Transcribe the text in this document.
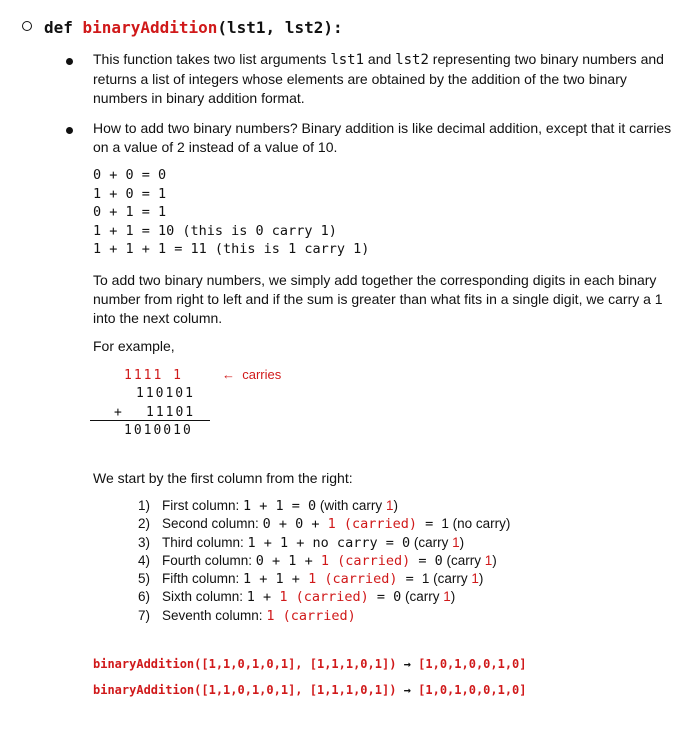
def binaryAddition(lst1, lst2):
This function takes two list arguments lst1 and lst2 representing two binary numbers and returns a list of integers whose elements are obtained by the addition of the two binary numbers in binary addition format.
How to add two binary numbers? Binary addition is like decimal addition, except that it carries on a value of 2 instead of a value of 10.
0 + 0 = 0
1 + 0 = 1
0 + 1 = 1
1 + 1 = 10 (this is 0 carry 1)
1 + 1 + 1 = 11 (this is 1 carry 1)
To add two binary numbers, we simply add together the corresponding digits in each binary number from right to left and if the sum is greater than what fits in a single digit, we carry a 1 into the next column.
For example,
1111 1	← carries
110101
+ 11101
1010010
We start by the first column from the right:
1) First column: 1 + 1 = 0 (with carry 1)
2) Second column: 0 + 0 + 1 (carried) = 1 (no carry)
3) Third column: 1 + 1 + no carry = 0 (carry 1)
4) Fourth column: 0 + 1 + 1 (carried) = 0 (carry 1)
5) Fifth column: 1 + 1 + 1 (carried) = 1 (carry 1)
6) Sixth column: 1 + 1 (carried) = 0 (carry 1)
7) Seventh column: 1 (carried)
binaryAddition([1,1,0,1,0,1], [1,1,1,0,1]) → [1,0,1,0,0,1,0]
binaryAddition([1,1,0,1,0,1], [1,1,1,0,1]) → [1,0,1,0,0,1,0]
